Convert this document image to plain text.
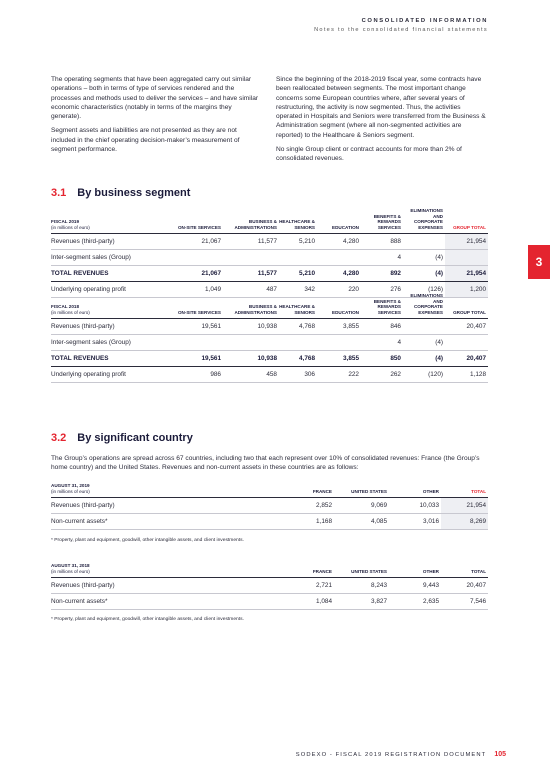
CONSOLIDATED INFORMATION
Notes to the consolidated financial statements

The operating segments that have been aggregated carry out similar operations – both in terms of type of services rendered and the processes and methods used to deliver the services – and have similar economic characteristics (notably in terms of the margins they generate).

Segment assets and liabilities are not presented as they are not included in the chief operating decision-maker’s measurement of segment performance.

Since the beginning of the 2018-2019 fiscal year, some contracts have been reallocated between segments. The most important change concerns some European countries where, after several years of restructuring, the activity is now segmented. Thus, the activities operated in Hospitals and Seniors were transferred from the Business & Administration segment (where all non-segmented activities are reported) to the Healthcare & Seniors segment.

No single Group client or contract accounts for more than 2% of consolidated revenues.

3.1 By business segment
FISCAL 2019
(in millions of euro)	ON-SITE SERVICES	BUSINESS & ADMINISTRATIONS	HEALTHCARE & SENIORS	EDUCATION	BENEFITS & REWARDS SERVICES	ELIMINATIONS AND CORPORATE EXPENSES	GROUP TOTAL
Revenues (third-party)	21,067	11,577	5,210	4,280	888		21,954
Inter-segment sales (Group)					4	(4)	
TOTAL REVENUES	21,067	11,577	5,210	4,280	892	(4)	21,954
Underlying operating profit	1,049	487	342	220	276	(126)	1,200
3
FISCAL 2018
(in millions of euro)	ON-SITE SERVICES	BUSINESS & ADMINISTRATIONS	HEALTHCARE & SENIORS	EDUCATION	BENEFITS & REWARDS SERVICES	ELIMINATIONS AND CORPORATE EXPENSES	GROUP TOTAL
Revenues (third-party)	19,561	10,938	4,768	3,855	846		20,407
Inter-segment sales (Group)					4	(4)	
TOTAL REVENUES	19,561	10,938	4,768	3,855	850	(4)	20,407
Underlying operating profit	986	458	306	222	262	(120)	1,128
3.2 By significant country
The Group’s operations are spread across 67 countries, including two that each represent over 10% of consolidated revenues: France (the Group’s home country) and the United States. Revenues and non-current assets in these countries are as follows:
AUGUST 31, 2019
(in millions of euro)	FRANCE	UNITED STATES	OTHER	TOTAL
Revenues (third-party)	2,852	9,069	10,033	21,954
Non-current assets*	1,168	4,085	3,016	8,269
* Property, plant and equipment, goodwill, other intangible assets, and client investments.
AUGUST 31, 2018
(in millions of euro)	FRANCE	UNITED STATES	OTHER	TOTAL
Revenues (third-party)	2,721	8,243	9,443	20,407
Non-current assets*	1,084	3,827	2,635	7,546
* Property, plant and equipment, goodwill, other intangible assets, and client investments.
SODEXO - FISCAL 2019 REGISTRATION DOCUMENT 105
